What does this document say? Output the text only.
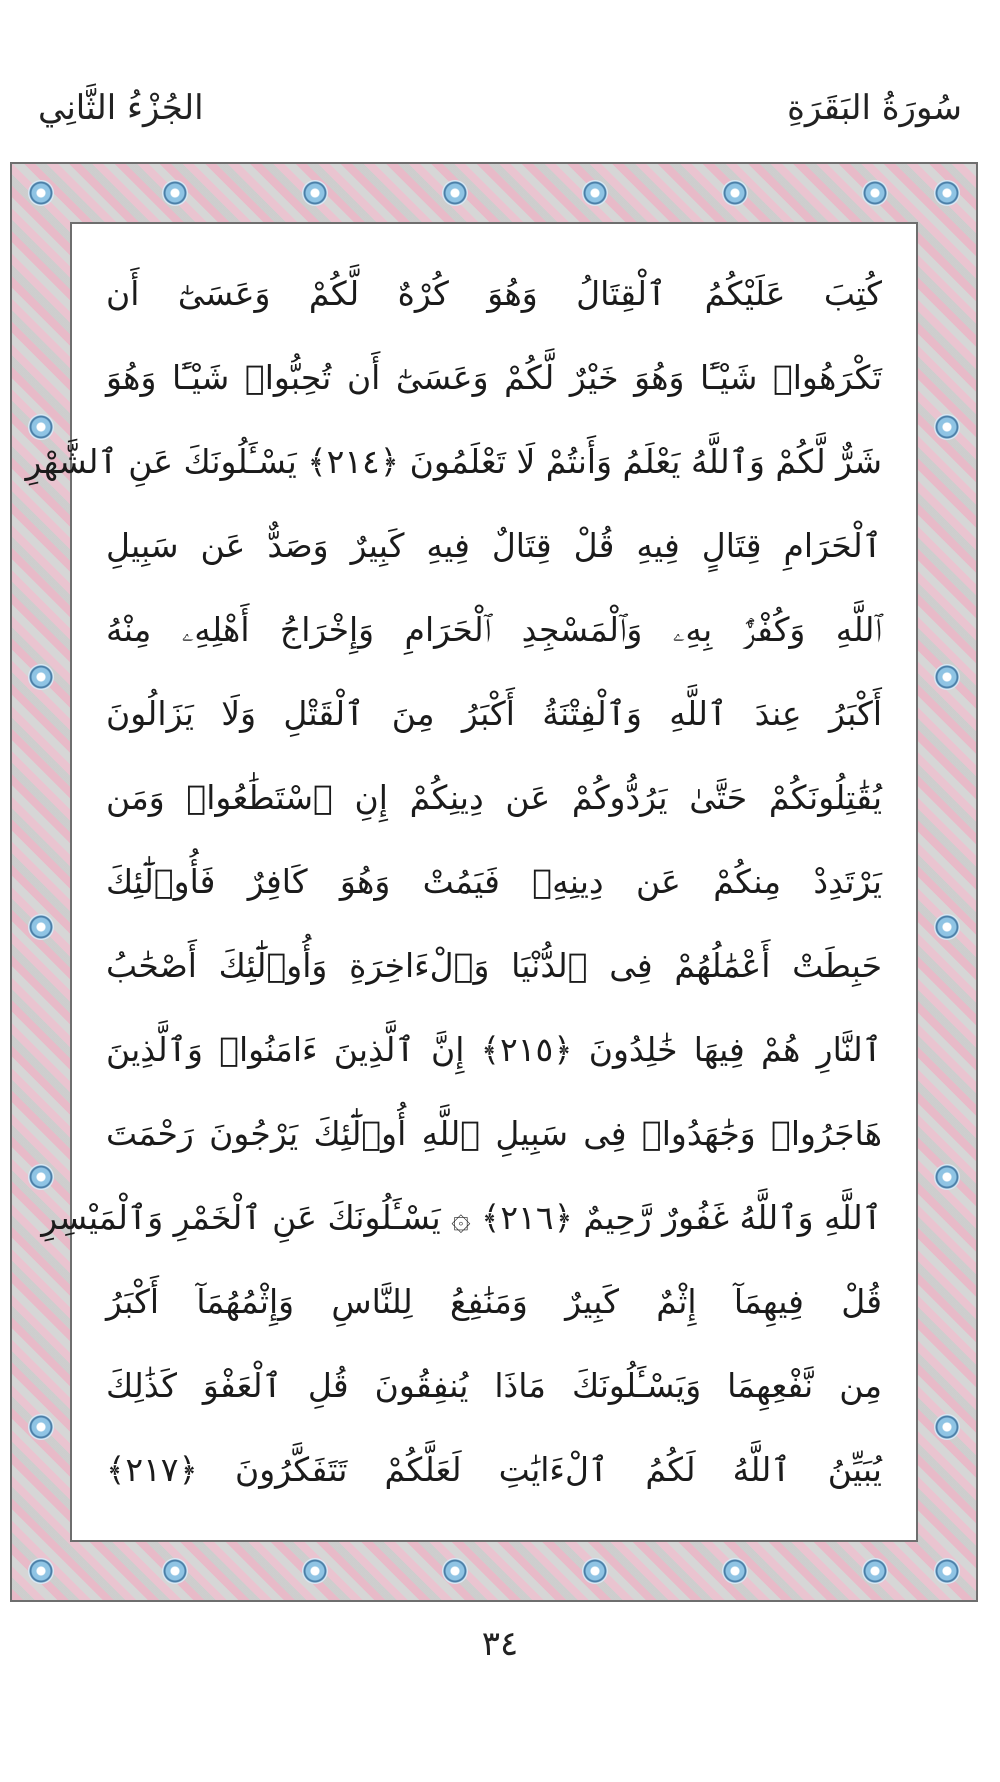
سُورَةُ البَقَرَةِ
الجُزْءُ الثَّانِي
كُتِبَ عَلَيْكُمُ ٱلْقِتَالُ وَهُوَ كُرْهٌ لَّكُمْ وَعَسَىٰٓ أَن
تَكْرَهُوا۟ شَيْـًٔا وَهُوَ خَيْرٌ لَّكُمْ وَعَسَىٰٓ أَن تُحِبُّوا۟ شَيْـًٔا وَهُوَ
شَرٌّ لَّكُمْ وَٱللَّهُ يَعْلَمُ وَأَنتُمْ لَا تَعْلَمُونَ ﴿٢١٤﴾ يَسْـَٔلُونَكَ عَنِ ٱلشَّهْرِ
ٱلْحَرَامِ قِتَالٍ فِيهِ قُلْ قِتَالٌ فِيهِ كَبِيرٌ وَصَدٌّ عَن سَبِيلِ
ٱللَّهِ وَكُفْرٌۢ بِهِۦ وَٱلْمَسْجِدِ ٱلْحَرَامِ وَإِخْرَاجُ أَهْلِهِۦ مِنْهُ
أَكْبَرُ عِندَ ٱللَّهِ وَٱلْفِتْنَةُ أَكْبَرُ مِنَ ٱلْقَتْلِ وَلَا يَزَالُونَ
يُقَٰتِلُونَكُمْ حَتَّىٰ يَرُدُّوكُمْ عَن دِينِكُمْ إِنِ ٱسْتَطَٰعُوا۟ وَمَن
يَرْتَدِدْ مِنكُمْ عَن دِينِهِۦ فَيَمُتْ وَهُوَ كَافِرٌ فَأُو۟لَٰٓئِكَ
حَبِطَتْ أَعْمَٰلُهُمْ فِى ٱلدُّنْيَا وَٱلْءَاخِرَةِ وَأُو۟لَٰٓئِكَ أَصْحَٰبُ
ٱلنَّارِ هُمْ فِيهَا خَٰلِدُونَ ﴿٢١٥﴾ إِنَّ ٱلَّذِينَ ءَامَنُوا۟ وَٱلَّذِينَ
هَاجَرُوا۟ وَجَٰهَدُوا۟ فِى سَبِيلِ ٱللَّهِ أُو۟لَٰٓئِكَ يَرْجُونَ رَحْمَتَ
ٱللَّهِ وَٱللَّهُ غَفُورٌ رَّحِيمٌ ﴿٢١٦﴾ ۞ يَسْـَٔلُونَكَ عَنِ ٱلْخَمْرِ وَٱلْمَيْسِرِ
قُلْ فِيهِمَآ إِثْمٌ كَبِيرٌ وَمَنَٰفِعُ لِلنَّاسِ وَإِثْمُهُمَآ أَكْبَرُ
مِن نَّفْعِهِمَا وَيَسْـَٔلُونَكَ مَاذَا يُنفِقُونَ قُلِ ٱلْعَفْوَ كَذَٰلِكَ
يُبَيِّنُ ٱللَّهُ لَكُمُ ٱلْءَايَٰتِ لَعَلَّكُمْ تَتَفَكَّرُونَ ﴿٢١٧﴾
٣٤
